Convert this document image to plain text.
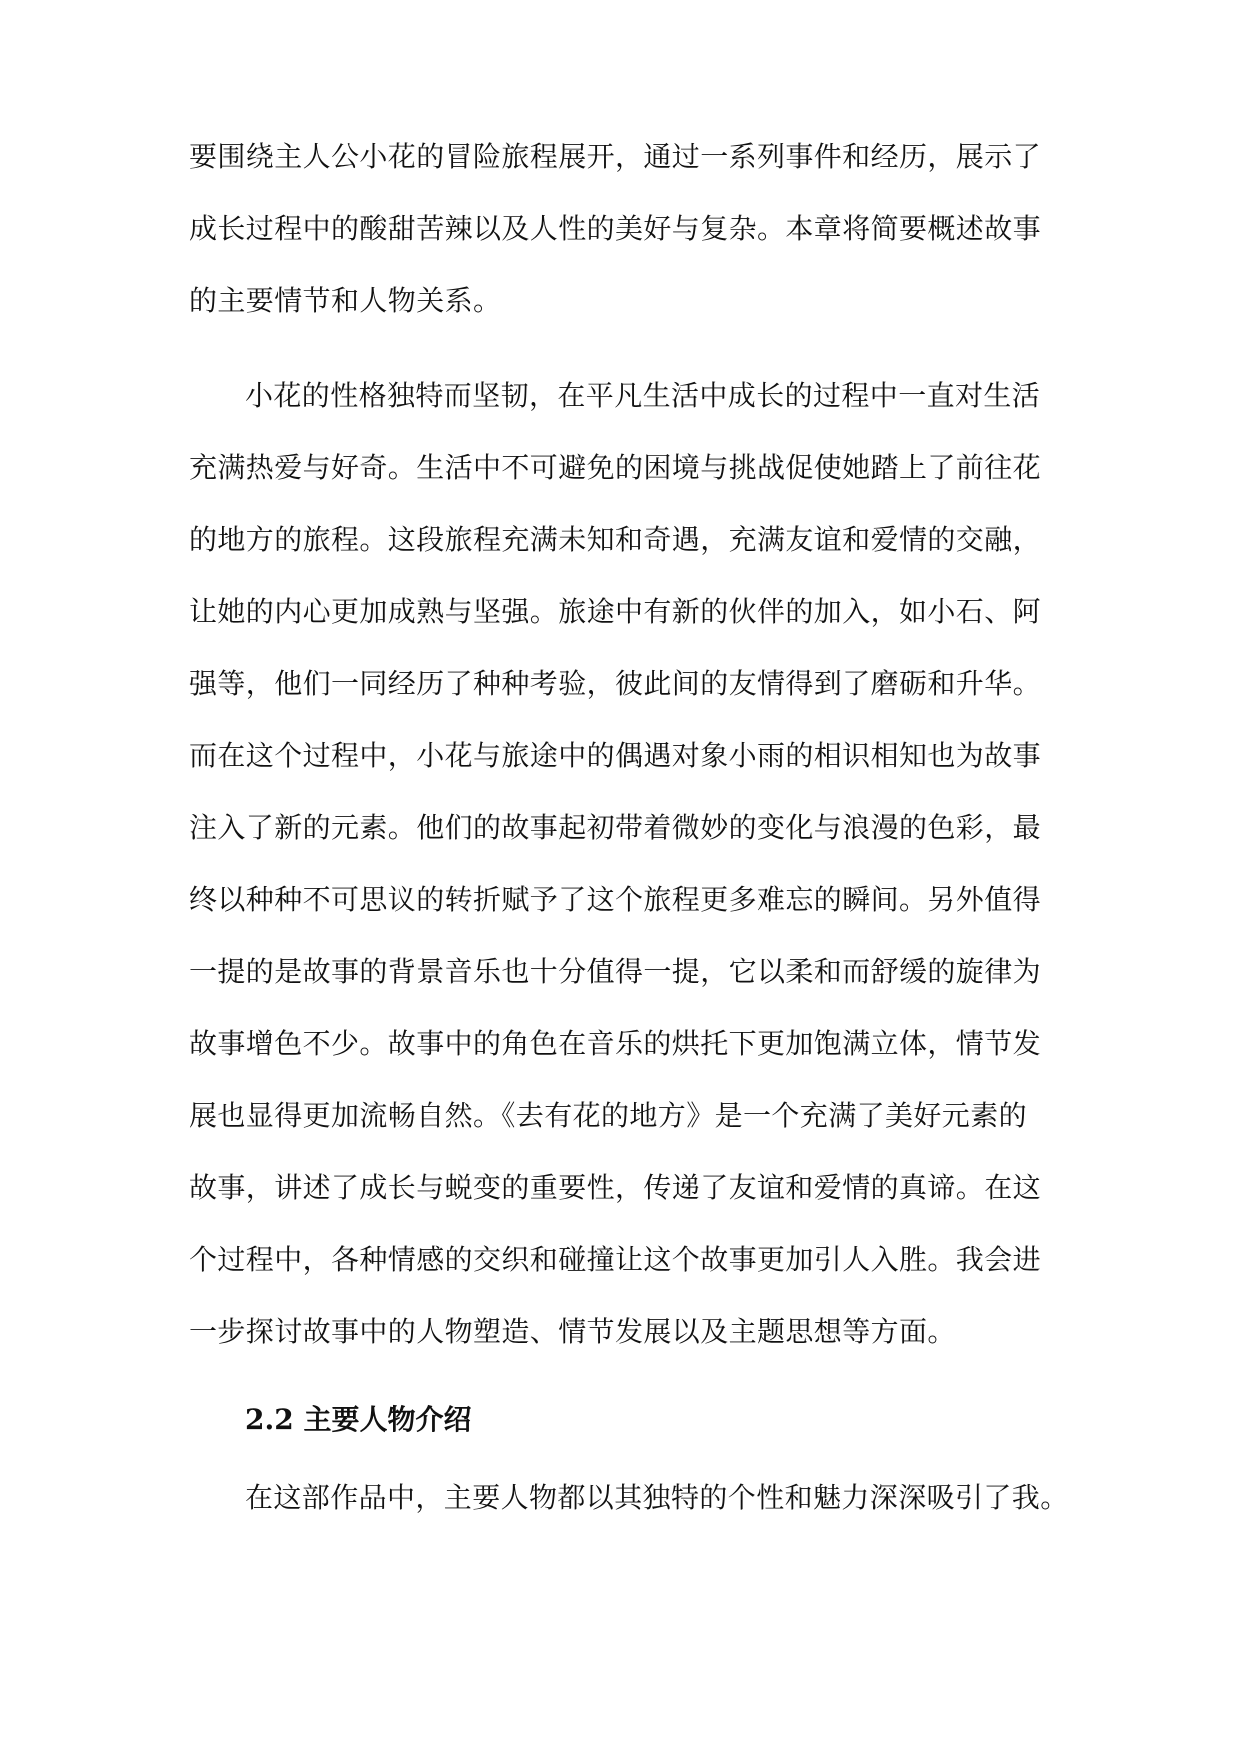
要围绕主人公小花的冒险旅程展开，通过一系列事件和经历，展示了
成长过程中的酸甜苦辣以及人性的美好与复杂。本章将简要概述故事
的主要情节和人物关系。
小花的性格独特而坚韧，在平凡生活中成长的过程中一直对生活
充满热爱与好奇。生活中不可避免的困境与挑战促使她踏上了前往花
的地方的旅程。这段旅程充满未知和奇遇，充满友谊和爱情的交融，
让她的内心更加成熟与坚强。旅途中有新的伙伴的加入，如小石、阿
强等，他们一同经历了种种考验，彼此间的友情得到了磨砺和升华。
而在这个过程中，小花与旅途中的偶遇对象小雨的相识相知也为故事
注入了新的元素。他们的故事起初带着微妙的变化与浪漫的色彩，最
终以种种不可思议的转折赋予了这个旅程更多难忘的瞬间。另外值得
一提的是故事的背景音乐也十分值得一提，它以柔和而舒缓的旋律为
故事增色不少。故事中的角色在音乐的烘托下更加饱满立体，情节发
展也显得更加流畅自然。《去有花的地方》是一个充满了美好元素的
故事，讲述了成长与蜕变的重要性，传递了友谊和爱情的真谛。在这
个过程中，各种情感的交织和碰撞让这个故事更加引人入胜。我会进
一步探讨故事中的人物塑造、情节发展以及主题思想等方面。
2.2 主要人物介绍
在这部作品中，主要人物都以其独特的个性和魅力深深吸引了我。
